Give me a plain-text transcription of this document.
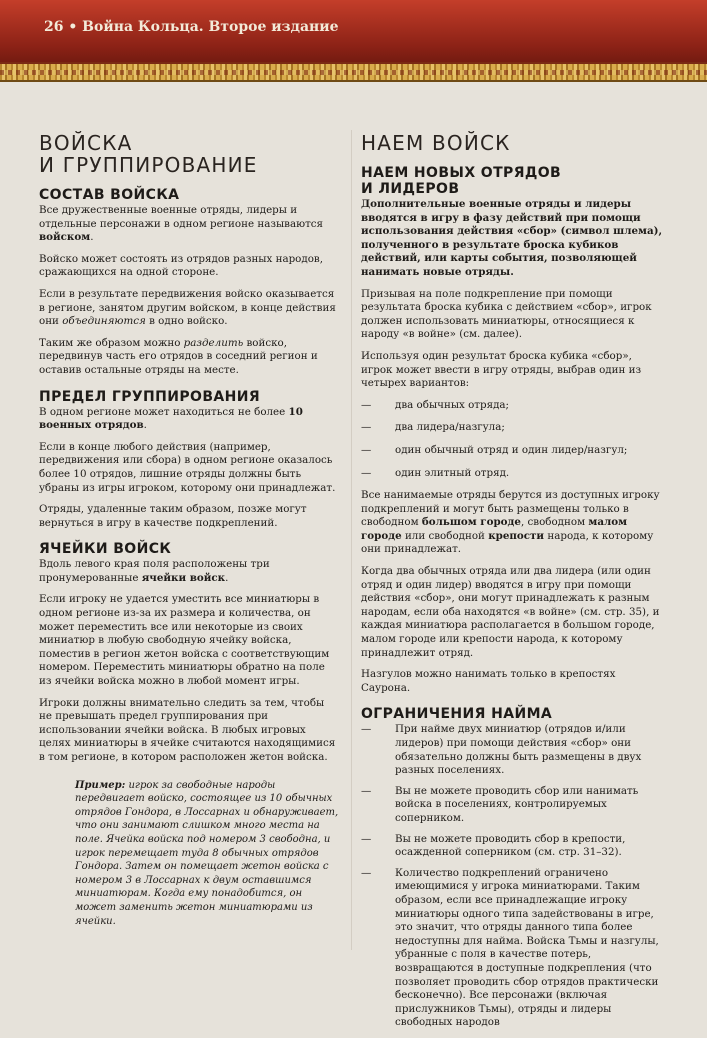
26 • Война Кольца. Второе издание
ВОЙСКА
И ГРУППИРОВАНИЕ
СОСТАВ ВОЙСКА

Все дружественные военные отряды, лидеры и отдельные персонажи в одном регионе называются войском.

Войско может состоять из отрядов разных народов, сражающихся на одной стороне.

Если в результате передвижения войско оказывается в регионе, занятом другим войском, в конце действия они объединяются в одно войско.

Таким же образом можно разделить войско, передвинув часть его отрядов в соседний регион и оставив остальные отряды на месте.

ПРЕДЕЛ ГРУППИРОВАНИЯ

В одном регионе может находиться не более 10 военных отрядов.

Если в конце любого действия (например, передвижения или сбора) в одном регионе оказалось более 10 отрядов, лишние отряды должны быть убраны из игры игроком, которому они принадлежат.

Отряды, удаленные таким образом, позже могут вернуться в игру в качестве подкреплений.

ЯЧЕЙКИ ВОЙСК

Вдоль левого края поля расположены три пронумерованные ячейки войск.

Если игроку не удается уместить все миниатюры в одном регионе из-за их размера и количества, он может переместить все или некоторые из своих миниатюр в любую свободную ячейку войска, поместив в регион жетон войска с соответствующим номером. Переместить миниатюры обратно на поле из ячейки войска можно в любой момент игры.

Игроки должны внимательно следить за тем, чтобы не превышать предел группирования при использовании ячейки войска. В любых игровых целях миниатюры в ячейке считаются находящимися в том регионе, в котором расположен жетон войска.

Пример: игрок за свободные народы передвигает войско, состоящее из 10 обычных отрядов Гондора, в Лоссарнах и обнаруживает, что они занимают слишком много места на поле. Ячейка войска под номером 3 свободна, и игрок перемещает туда 8 обычных отрядов Гондора. Затем он помещает жетон войска с номером 3 в Лоссарнах к двум оставшимся миниатюрам. Когда ему понадобится, он может заменить жетон миниатюрами из ячейки.
НАЕМ ВОЙСК
НАЕМ НОВЫХ ОТРЯДОВ
И ЛИДЕРОВ

Дополнительные военные отряды и лидеры вводятся в игру в фазу действий при помощи использования действия «сбор» (символ шлема), полученного в результате броска кубиков действий, или карты события, позволяющей нанимать новые отряды.

Призывая на поле подкрепление при помощи результата броска кубика с действием «сбор», игрок должен использовать миниатюры, относящиеся к народу «в войне» (см. далее).

Используя один результат броска кубика «сбор», игрок может ввести в игру отряды, выбрав один из четырех вариантов:

— два обычных отряда;
— два лидера/назгула;
— один обычный отряд и один лидер/назгул;
— один элитный отряд.

Все нанимаемые отряды берутся из доступных игроку подкреплений и могут быть размещены только в свободном большом городе, свободном малом городе или свободной крепости народа, к которому они принадлежат.

Когда два обычных отряда или два лидера (или один отряд и один лидер) вводятся в игру при помощи действия «сбор», они могут принадлежать к разным народам, если оба находятся «в войне» (см. стр. 35), и каждая миниатюра располагается в большом городе, малом городе или крепости народа, к которому принадлежит отряд.

Назгулов можно нанимать только в крепостях Саурона.

ОГРАНИЧЕНИЯ НАЙМА
— При найме двух миниатюр (отрядов и/или лидеров) при помощи действия «сбор» они обязательно должны быть размещены в двух разных поселениях.
— Вы не можете проводить сбор или нанимать войска в поселениях, контролируемых соперником.
— Вы не можете проводить сбор в крепости, осажденной соперником (см. стр. 31–32).
— Количество подкреплений ограничено имеющимися у игрока миниатюрами. Таким образом, если все принадлежащие игроку миниатюры одного типа задействованы в игре, это значит, что отряды данного типа более недоступны для найма. Войска Тьмы и назгулы, убранные с поля в качестве потерь, возвращаются в доступные подкрепления (что позволяет проводить сбор отрядов практически бесконечно). Все персонажи (включая прислужников Тьмы), отряды и лидеры свободных народов
